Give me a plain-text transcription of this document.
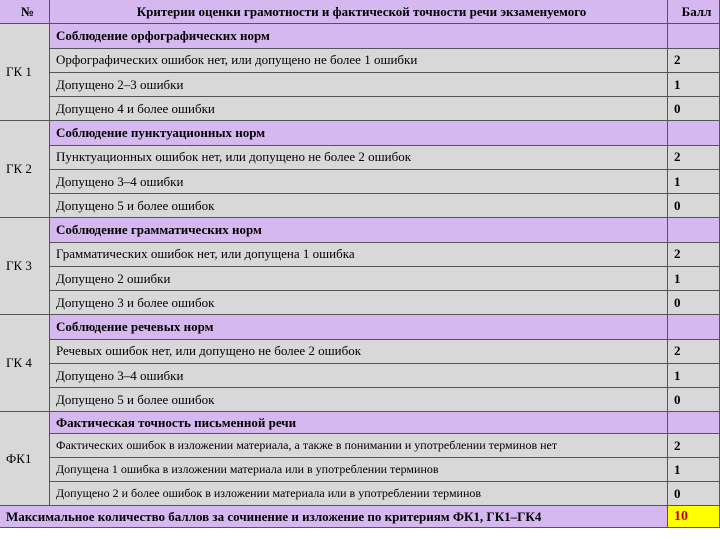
№	Критерии оценки грамотности и фактической точности речи экзаменуемого	Балл
ГК 1
Соблюдение орфографических норм
Орфографических ошибок нет, или допущено не более 1 ошибки	2
Допущено 2–3 ошибки	1
Допущено 4 и более ошибки	0
ГК 2
Соблюдение пунктуационных норм
Пунктуационных ошибок нет, или допущено не более 2 ошибок	2
Допущено 3–4 ошибки	1
Допущено 5 и более ошибок	0
ГК 3
Соблюдение грамматических норм
Грамматических ошибок нет, или допущена 1 ошибка	2
Допущено 2 ошибки	1
Допущено 3 и более ошибок	0
ГК 4
Соблюдение речевых норм
Речевых ошибок нет, или допущено не более 2 ошибок	2
Допущено 3–4 ошибки	1
Допущено 5 и более ошибок	0
ФК1
Фактическая точность письменной речи
Фактических ошибок в изложении материала, а также в понимании и употреблении терминов нет	2
Допущена 1 ошибка в изложении материала или в употреблении терминов	1
Допущено 2 и более ошибок в изложении материала или в употреблении терминов	0
Максимальное количество баллов за сочинение и изложение по критериям ФК1, ГК1–ГК4	10
